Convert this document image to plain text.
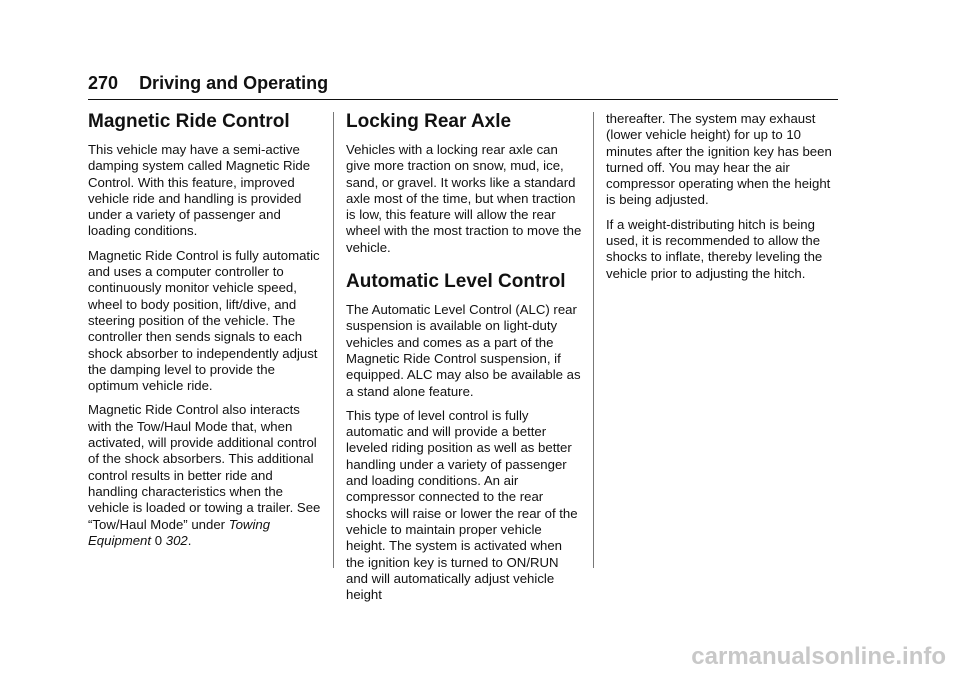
270 Driving and Operating
Magnetic Ride Control

This vehicle may have a semi-active damping system called Magnetic Ride Control. With this feature, improved vehicle ride and handling is provided under a variety of passenger and loading conditions.

Magnetic Ride Control is fully automatic and uses a computer controller to continuously monitor vehicle speed, wheel to body position, lift/dive, and steering position of the vehicle. The controller then sends signals to each shock absorber to independently adjust the damping level to provide the optimum vehicle ride.

Magnetic Ride Control also interacts with the Tow/Haul Mode that, when activated, will provide additional control of the shock absorbers. This additional control results in better ride and handling characteristics when the vehicle is loaded or towing a trailer. See “Tow/Haul Mode” under Towing Equipment 0 302.

Locking Rear Axle

Vehicles with a locking rear axle can give more traction on snow, mud, ice, sand, or gravel. It works like a standard axle most of the time, but when traction is low, this feature will allow the rear wheel with the most traction to move the vehicle.

Automatic Level Control

The Automatic Level Control (ALC) rear suspension is available on light-duty vehicles and comes as a part of the Magnetic Ride Control suspension, if equipped. ALC may also be available as a stand alone feature.

This type of level control is fully automatic and will provide a better leveled riding position as well as better handling under a variety of passenger and loading conditions. An air compressor connected to the rear shocks will raise or lower the rear of the vehicle to maintain proper vehicle height. The system is activated when the ignition key is turned to ON/RUN and will automatically adjust vehicle height

thereafter. The system may exhaust (lower vehicle height) for up to 10 minutes after the ignition key has been turned off. You may hear the air compressor operating when the height is being adjusted.

If a weight-distributing hitch is being used, it is recommended to allow the shocks to inflate, thereby leveling the vehicle prior to adjusting the hitch.

carmanualsonline.info
